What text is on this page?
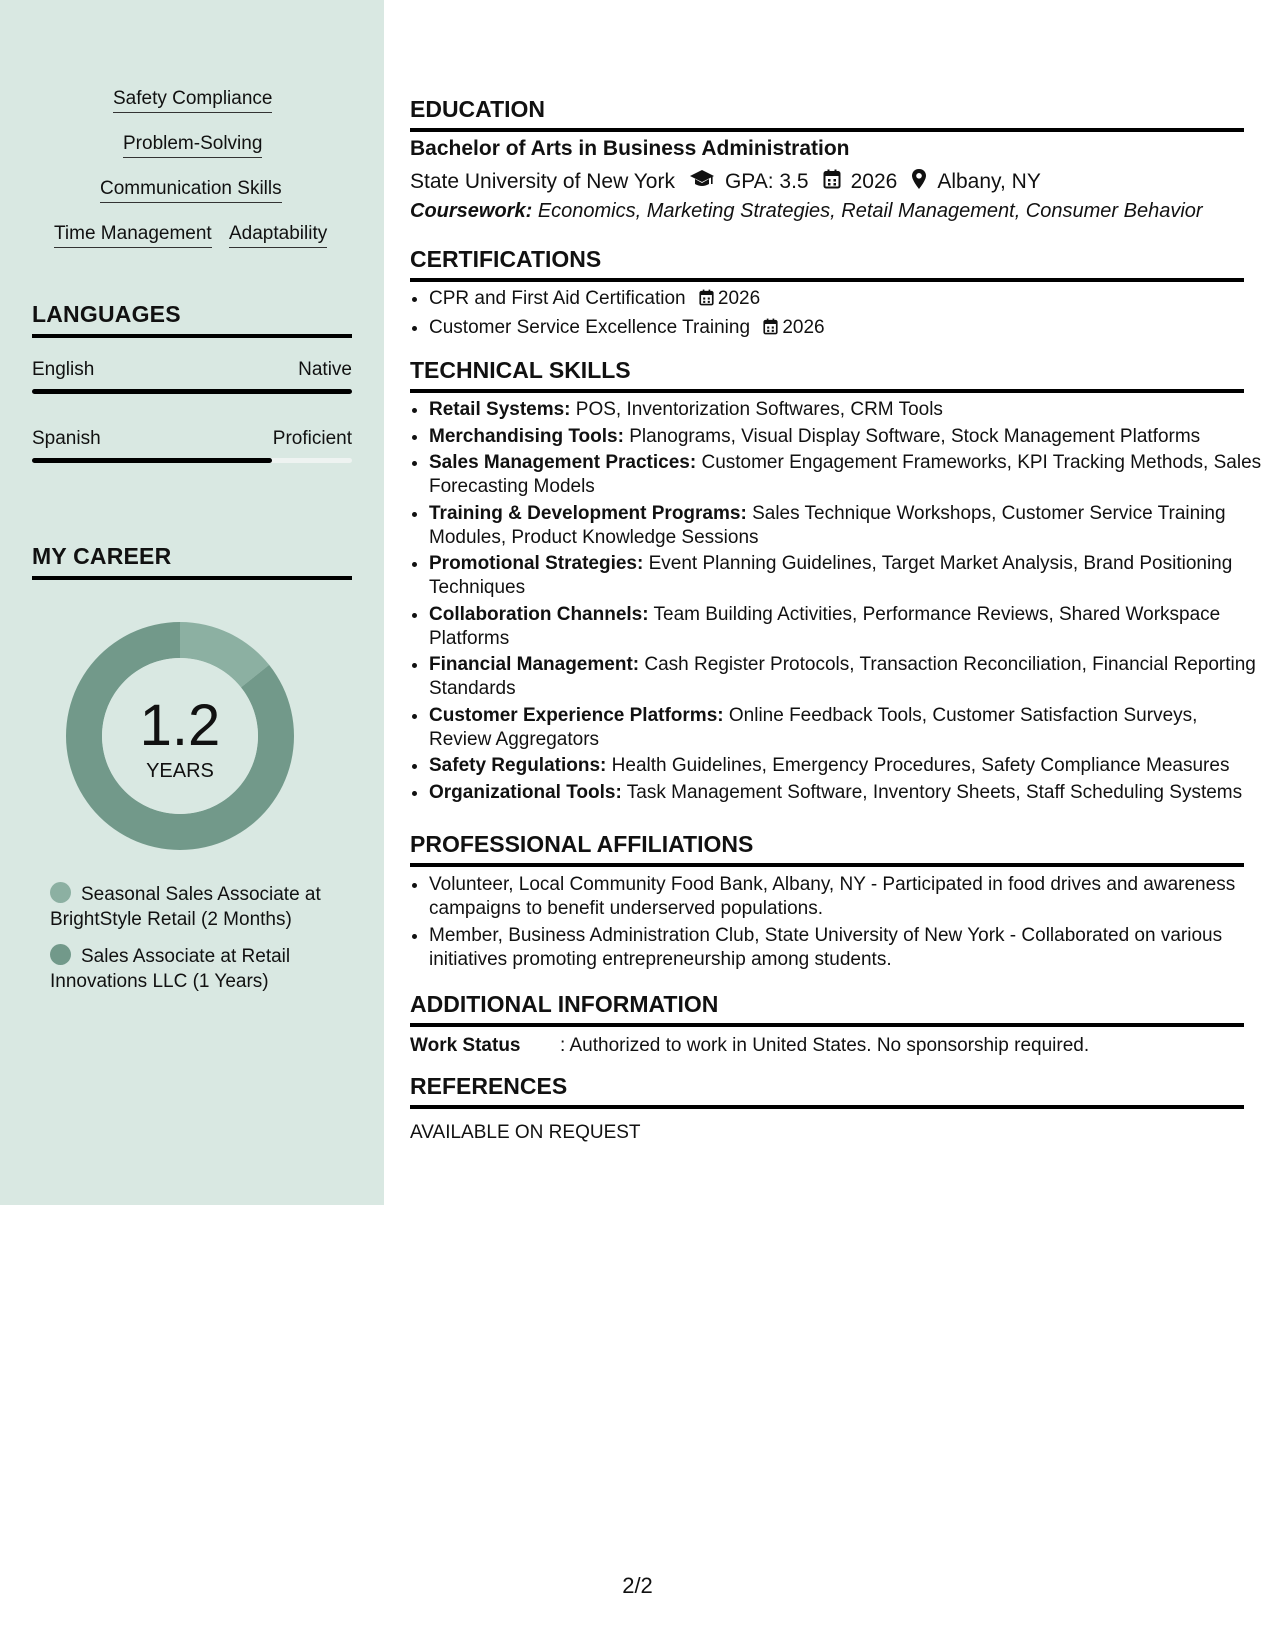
Safety Compliance
Problem-Solving
Communication Skills
Time Management Adaptability
LANGUAGES
English	Native
Spanish	Proficient
MY CAREER
1.2
YEARS
Seasonal Sales Associate at BrightStyle Retail (2 Months)
Sales Associate at Retail Innovations LLC (1 Years)
EDUCATION
Bachelor of Arts in Business Administration
State University of New York GPA: 3.5 2026 Albany, NY
Coursework: Economics, Marketing Strategies, Retail Management, Consumer Behavior
CERTIFICATIONS
• CPR and First Aid Certification 2026
• Customer Service Excellence Training 2026
TECHNICAL SKILLS
• Retail Systems: POS, Inventorization Softwares, CRM Tools
• Merchandising Tools: Planograms, Visual Display Software, Stock Management Platforms
• Sales Management Practices: Customer Engagement Frameworks, KPI Tracking Methods, Sales Forecasting Models
• Training & Development Programs: Sales Technique Workshops, Customer Service Training Modules, Product Knowledge Sessions
• Promotional Strategies: Event Planning Guidelines, Target Market Analysis, Brand Positioning Techniques
• Collaboration Channels: Team Building Activities, Performance Reviews, Shared Workspace Platforms
• Financial Management: Cash Register Protocols, Transaction Reconciliation, Financial Reporting Standards
• Customer Experience Platforms: Online Feedback Tools, Customer Satisfaction Surveys, Review Aggregators
• Safety Regulations: Health Guidelines, Emergency Procedures, Safety Compliance Measures
• Organizational Tools: Task Management Software, Inventory Sheets, Staff Scheduling Systems
PROFESSIONAL AFFILIATIONS
• Volunteer, Local Community Food Bank, Albany, NY - Participated in food drives and awareness campaigns to benefit underserved populations.
• Member, Business Administration Club, State University of New York - Collaborated on various initiatives promoting entrepreneurship among students.
ADDITIONAL INFORMATION
Work Status	: Authorized to work in United States. No sponsorship required.
REFERENCES
AVAILABLE ON REQUEST
2/2
